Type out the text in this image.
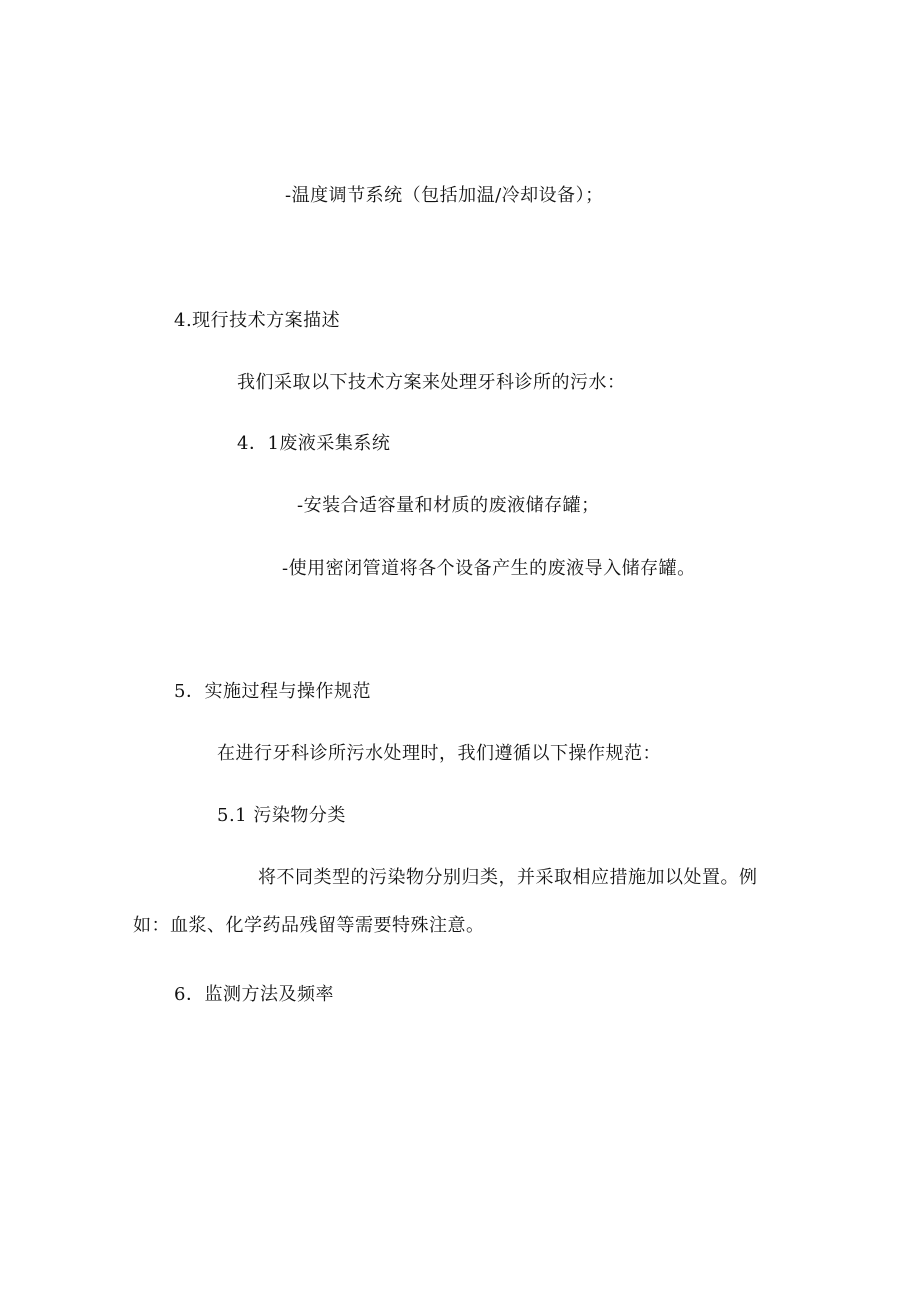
-温度调节系统（包括加温/冷却设备）；
4.现行技术方案描述
我们采取以下技术方案来处理牙科诊所的污水：
4．1废液采集系统
-安装合适容量和材质的废液储存罐；
-使用密闭管道将各个设备产生的废液导入储存罐。
5．实施过程与操作规范
在进行牙科诊所污水处理时，我们遵循以下操作规范：
5.1 污染物分类
将不同类型的污染物分别归类，并采取相应措施加以处置。例
如：血浆、化学药品残留等需要特殊注意。
6．监测方法及频率
